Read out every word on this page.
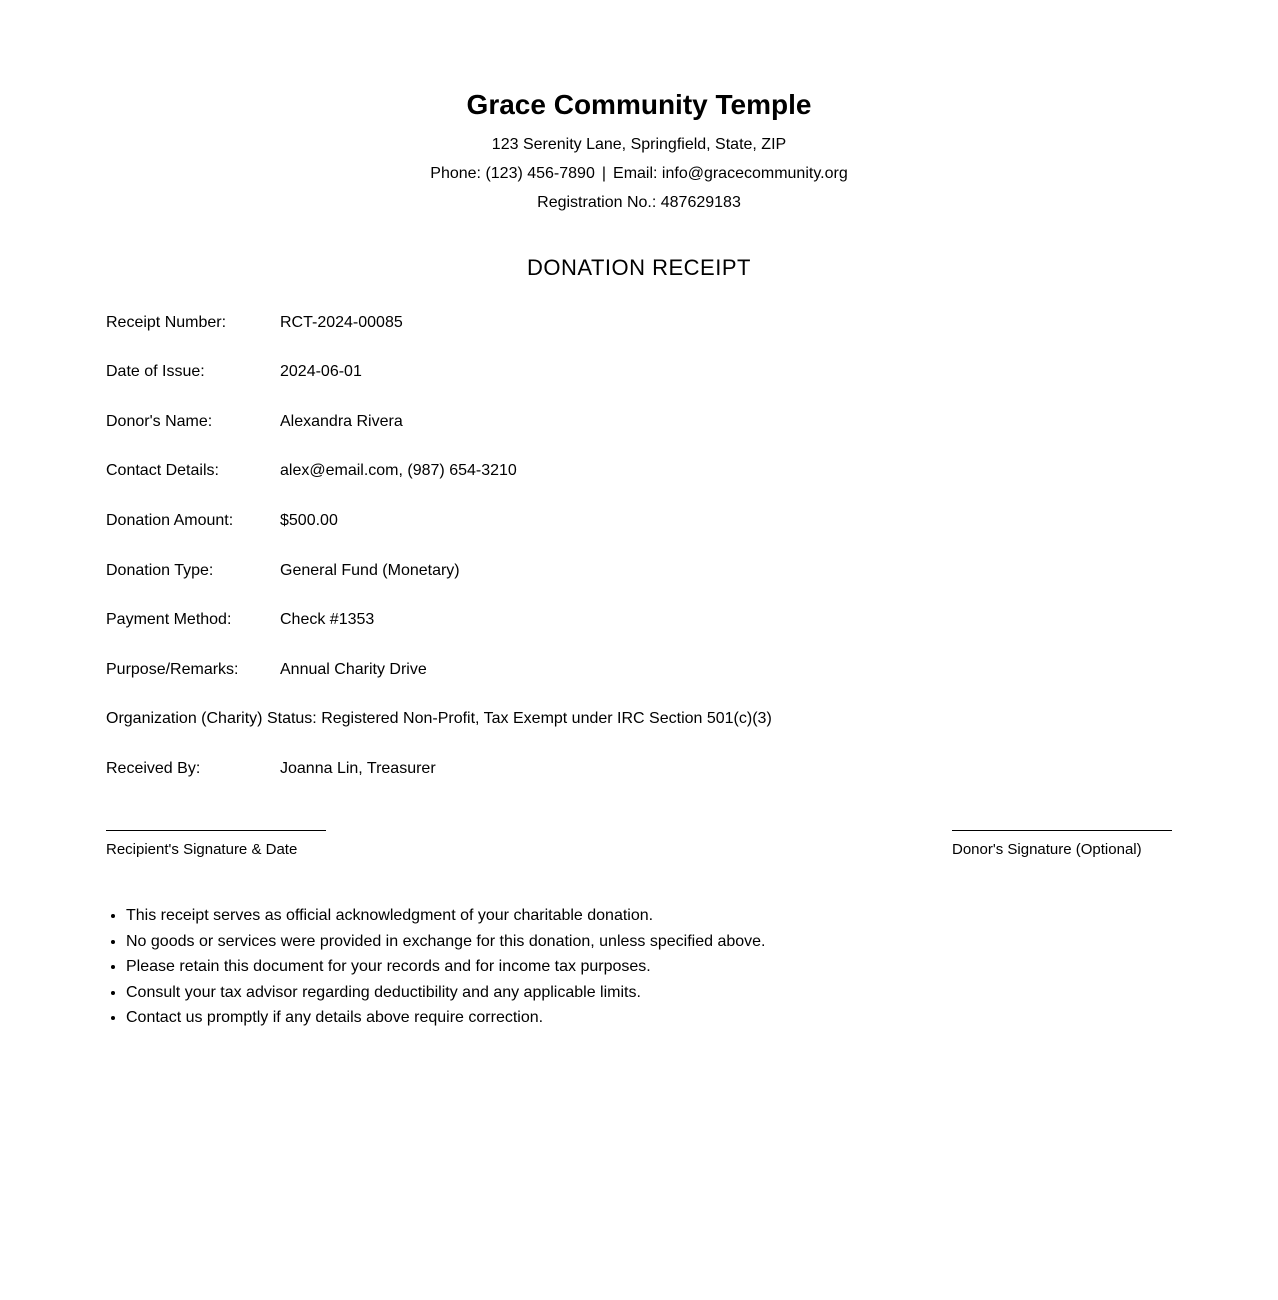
Grace Community Temple
123 Serenity Lane, Springfield, State, ZIP
Phone: (123) 456-7890 | Email: info@gracecommunity.org
Registration No.: 487629183
DONATION RECEIPT
Receipt Number:	RCT-2024-00085
Date of Issue:	2024-06-01
Donor's Name:	Alexandra Rivera
Contact Details:	alex@email.com, (987) 654-3210
Donation Amount:	$500.00
Donation Type:	General Fund (Monetary)
Payment Method:	Check #1353
Purpose/Remarks:	Annual Charity Drive
Organization (Charity) Status: Registered Non-Profit, Tax Exempt under IRC Section 501(c)(3)
Received By:	Joanna Lin, Treasurer
Recipient's Signature & Date	Donor's Signature (Optional)
• This receipt serves as official acknowledgment of your charitable donation.
• No goods or services were provided in exchange for this donation, unless specified above.
• Please retain this document for your records and for income tax purposes.
• Consult your tax advisor regarding deductibility and any applicable limits.
• Contact us promptly if any details above require correction.
